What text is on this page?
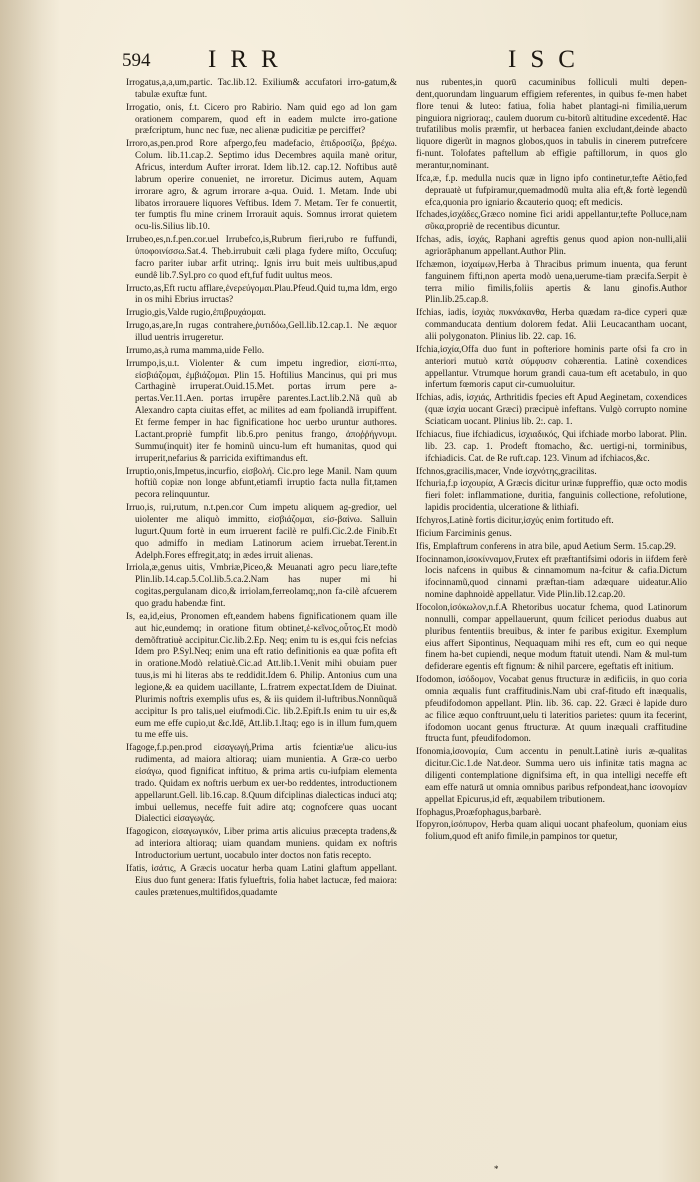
594 IRR	ISC

Irrogatus,a,a,um,partic. Tac.lib.12. Exilium& accufatori irro-gatum,& tabulæ exuftæ funt.

Irrogatio, onis, f.t. Cicero pro Rabirio. Nam quid ego ad lon gam orationem comparem, quod eft in eadem mulcte irro-gatione præfcriptum, hunc nec fuæ, nec alienæ pudicitiæ pe perciffet?

Irroro,as,pen.prod Rore afpergo,feu madefacio, ἐπιδροσίζω, βρέχω. Colum. lib.11.cap.2. Septimo idus Decembres aquila manè oritur, Africus, interdum Aufter irrorat. Idem lib.12. cap.12. Noftibus autê labrum operire conueniet, ne irroretur. Dicimus autem, Aquam irrorare agro, & agrum irrorare a-qua. Ouid. 1. Metam. Inde ubi libatos irrorauere liquores Veftibus. Idem 7. Metam. Ter fe conuertit, ter fumptis flu mine crinem Irrorauit aquis. Somnus irrorat quietem ocu-lis.Silius lib.10.

Irrubeo,es,n.f.pen.cor.uel Irrubefco,is,Rubrum fieri,rubo re fuffundi, ὑποφοινίσσω.Sat.4. Theb.irrubuit cæli plaga fydere miſto, Occuſuq; facro pariter iubar arfit utrinq;. Ignis irru buit meis uultibus,apud eundê lib.7.Syl.pro co quod eft,fuf fudit uultus meos.

Irructo,as,Eft ructu afflare,ἐνερεύγομαι.Plau.Pfeud.Quid tu,ma ldm, ergo in os mihi Ebrius irructas?

Irrugio,gis,Valde rugio,ἐπιβρυχάομαι.

Irrugo,as,are,In rugas contrahere,ῥυτιδόω,Gell.lib.12.cap.1. Ne æquor illud uentris irrugeretur.

Irrumo,as,à ruma mamma,uide Fello.

Irrumpo,is,u.t. Violenter & cum impetu ingredior, εἰσπί-πτω, εἰσβιάζομαι, ἐμβιάζομαι. Plin 15. Hoftilius Mancinus, qui pri mus Carthaginè irruperat.Ouid.15.Met. portas irrum pere a-pertas.Ver.11.Aen. portas irrupêre parentes.Lact.lib.2.Nã quũ ab Alexandro capta ciuitas effet, ac milites ad eam fpoliandã irrupiffent. Et ferme femper in hac fignificatione hoc uerbo uruntur authores. Lactant.propriè fumpfit lib.6.pro penitus frango, ἀποῤῥήγνυμι. Summu(inquit) iter fe hominũ uincu-lum eft humanitas, quod qui irruperit,nefarius & parricida exiftimandus eft.

Irruptio,onis,Impetus,incurfio, εἰσβολή. Cic.pro lege Manil. Nam quum hoftiũ copiæ non longe abfunt,etiamfi irruptio facta nulla fit,tamen pecora relinquuntur.

Irruo,is, rui,rutum, n.t.pen.cor Cum impetu aliquem ag-gredior, uel uiolenter me aliquò immitto, εἰσβιάζομαι, εἰσ-βαίνω. Salluin lugurt.Quum fortè in eum irruerent facilè re pulfi.Cic.2.de Finib.Et quo admiffo in mediam Latinorum aciem irruebat.Terent.in Adelph.Fores effregit,atq; in ædes irruit alienas.

Irriola,æ,genus uitis, Vmbriæ,Piceo,& Meuanati agro pecu liare,tefte Plin.lib.14.cap.5.Col.lib.5.ca.2.Nam has nuper mi hi cogitas,pergulanam dico,& irriolam,ferreolamq;,non fa-cilè afcuerem quo gradu habendæ fint.

Is, ea,id,eius, Pronomen eft,eandem habens fignificationem quam ille aut hic,eundemq; in oratione fitum obtinet,ἐ-κεῖνος,οὗτος.Et modò demõftratiuè accipitur.Cic.lib.2.Ep. Neq; enim tu is es,qui fcis nefcias Idem pro P.Syl.Neq; enim una eft ratio definitionis ea quæ pofita eft in oratione.Modò relatiuè.Cic.ad Att.lib.1.Venit mihi obuiam puer tuus,is mi hi literas abs te reddidit.Idem 6. Philip. Antonius cum una legione,& ea quidem uacillante, L.fratrem expectat.Idem de Diuinat. Plurimis noftris exemplis ufus es, & iis quidem il-luftribus.Nonnũquã accipitur Is pro talis,uel eiufmodi.Cic. lib.2.Epift.Is enim tu uir es,& eum me effe cupio,ut &c.Idē, Att.lib.1.Itaq; ego is in illum fum,quem tu me effe uis.

Ifagoge,f.p.pen.prod εἰσαγωγή,Prima artis fcientiæ'ue alicu-ius rudimenta, ad maiora altioraq; uiam munientia. A Græ-co uerbo εἰσάγω, quod fignificat inftituo, & prima artis cu-iufpiam elementa trado. Quidam ex noftris uerbum ex uer-bo reddentes, introductionem appellarunt.Gell. lib.16.cap. 8.Quum difciplinas dialecticas induci atq; imbui uellemus, neceffe fuit adire atq; cognofcere quas uocant Dialectici εἰσαγωγάς.

Ifagogicon, εἰσαγωγικόν, Liber prima artis alicuius præcepta tradens,& ad interiora altioraq; uiam quandam muniens. quidam ex noftris Introductorium uertunt, uocabulo inter doctos non fatis recepto.

Ifatis, ἰσάτις, A Græcis uocatur herba quam Latini glaftum appellant. Eius duo funt genera: Ifatis fylueftris, folia habet lactucæ, fed maiora: caules prætenues,multifidos,quadamte

nus rubentes,in quorū cacuminibus folliculi multi depen-dent,quorundam linguarum effigiem referentes, in quibus fe-men habet flore tenui & luteo: fatiua, folia habet plantagi-ni fimilia,uerum pinguiora nigrioraq;, caulem duorum cu-bitorũ altitudine excedentē. Hac trufatilibus molis præmfir, ut herbacea fanien excludant,deinde abacto liquore digerũt in magnos globos,quos in tabulis in cinerem putrefcere fi-nunt. Tolofates paftellum ab effigie paftillorum, in quos glo merantur,nominant.

Ifca,æ, f.p. medulla nucis quæ in ligno ipfo continetur,tefte Aëtio,fed deprauatè ut fufpiramur,quemadmodũ multa alia eft,& fortè legendũ efca,quonia pro igniario &cauterio quoq; eft medicis.

Ifchades,ἰσχάδες,Græco nomine fici aridi appellantur,tefte Polluce,nam σῦκα,propriè de recentibus dicuntur.

Ifchas, adis, ἰσχάς, Raphani agreftis genus quod apion non-nulli,alii agriorāphanum appellant.Author Plin.

Ifchæmon, ἰσχαίμων,Herba à Thracibus primum inuenta, qua ferunt fanguinem fifti,non aperta modò uena,uerume-tiam præcifa.Serpit è terra milio fimilis,foliis apertis & lanu ginofis.Author Plin.lib.25.cap.8.

Ifchias, iadis, ἰσχιὰς πυκνάκανθα, Herba quædam ra-dice cyperi quæ commanducata dentium dolorem fedat. Alii Leucacantham uocant, alii polygonaton. Plinius lib. 22. cap. 16.

Ifchia,ἰσχία,Offa duo funt in pofteriore hominis parte ofsi fa cro in anteriori mutuò κατὰ σύμφυσιν cohærentia. Latinè coxendices appellantur. Vtrumque horum grandi caua-tum eft acetabulo, in quo infertum fœmoris caput cir-cumuoluitur.

Ifchias, adis, ἰσχιάς, Arthritidis fpecies eft Apud Aeginetam, coxendices (quæ ἰσχία uocant Græci) præcipuè infeftans. Vulgò corrupto nomine Sciaticam uocant. Plinius lib. 2:. cap. 1.

Ifchiacus, fiue ifchiadicus, ἰσχιαδικός, Qui ifchiade morbo laborat. Plin. lib. 23. cap. 1. Prodeft ftomacho, &c. uertigi-ni, torminibus, ifchiadicis. Cat. de Re ruft.cap. 123. Vinum ad ifchiacos,&c.

Ifchnos,gracilis,macer, Vnde ἰσχνότης,gracilitas.

Ifchuria,f.p ἰσχουρία, A Græcis dicitur urinæ fuppreffio, quæ octo modis fieri folet: inflammatione, duritia, fanguinis collectione, refolutione, lapidis procidentia, ulceratione & lithiafi.

Ifchyros,Latinè fortis dicitur,ἰσχύς enim fortitudo eft.

Ificium Farciminis genus.

Ifis, Emplaftrum conferens in atra bile, apud Aetium Serm. 15.cap.29.

Ifocinnamon,ἰσοκίνναμον,Frutex eft præftantifsimi odoris in iifdem ferè locis nafcens in quibus & cinnamomum na-fcitur & cafia.Dictum ifocinnamũ,quod cinnami præftan-tiam adæquare uideatur.Alio nomine daphnoidè appellatur. Vide Plin.lib.12.cap.20.

Ifocolon,ἰσόκωλον,n.f.A Rhetoribus uocatur fchema, quod Latinorum nonnulli, compar appellauerunt, quum fcilicet periodus duabus aut pluribus fententiis breuibus, & inter fe paribus exigitur. Exemplum eius affert Sipontinus, Nequaquam mihi res eft, cum eo qui neque finem ha-bet cupiendi, neque modum ftatuit utendi. Nam & mul-tum defiderare egentis eft fignum: & nihil parcere, egeftatis eft initium.

Ifodomon, ἰσόδομον, Vocabat genus ftructuræ in ædificiis, in quo coria omnia æqualis funt craffitudinis.Nam ubi craf-fitudo eft inæqualis, pfeudifodomon appellant. Plin. lib. 36. cap. 22. Græci è lapide duro ac filice æquo conftruunt,uelu ti lateritios parietes: quum ita fecerint, ifodomon uocant genus ftructuræ. At quum inæquali craffitudine ftructa funt, pfeudifodomon.

Ifonomia,ἰσονομία, Cum accentu in penult.Latinè iuris æ-qualitas dicitur.Cic.1.de Nat.deor. Summa uero uis infinitæ tatis magna ac diligenti contemplatione dignifsima eft, in qua intelligi neceffe eft eam effe naturā ut omnia omnibus paribus refpondeat,hanc ἰσονομίαν appellat Epicurus,id eft, æquabilem tributionem.

Ifophagus,Proæfophagus,barbarè.

Ifopyron,ἰσόπυρον, Herba quam aliqui uocant phafeolum, quoniam eius folium,quod eft anifo fimile,in pampinos tor quetur,

*
